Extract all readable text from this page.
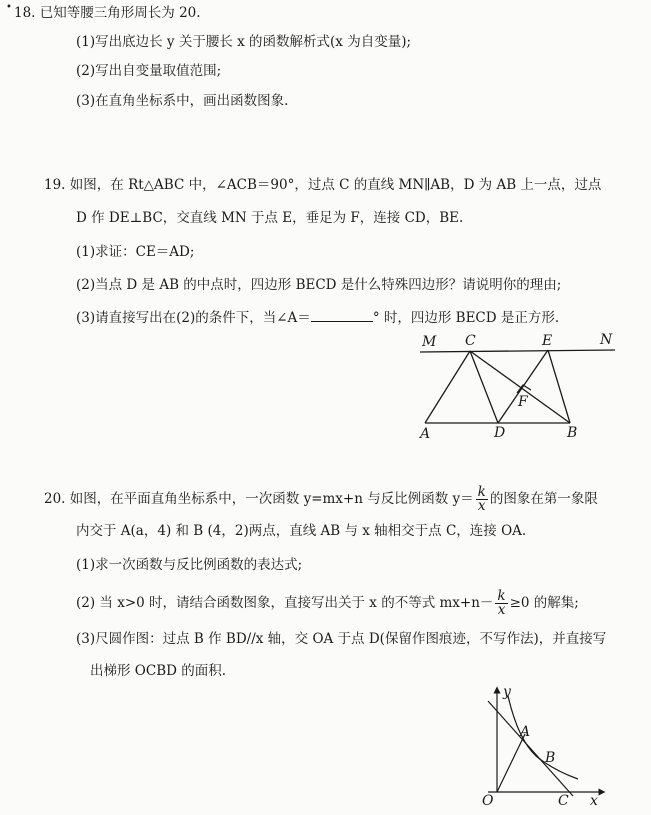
• 18. 已知等腰三角形周长为 20.
(1)写出底边长 y 关于腰长 x 的函数解析式(x 为自变量);
(2)写出自变量取值范围;
(3)在直角坐标系中，画出函数图象.
19. 如图，在 Rt△ABC 中，∠ACB＝90°，过点 C 的直线 MN∥AB，D 为 AB 上一点，过点
D 作 DE⊥BC，交直线 MN 于点 E，垂足为 F，连接 CD，BE.
(1)求证：CE＝AD;
(2)当点 D 是 AB 的中点时，四边形 BECD 是什么特殊四边形？请说明你的理由;
(3)请直接写出在(2)的条件下，当∠A＝	° 时，四边形 BECD 是正方形.
M C	E	N
F
A	D	B
20. 如图，在平面直角坐标系中，一次函数 y=mx+n 与反比例函数 $y= \frac{k}{x}$ 的图象在第一象限
内交于 A(a，4) 和 B (4，2)两点，直线 AB 与 x 轴相交于点 C，连接 OA.
(1)求一次函数与反比例函数的表达式;
(2) 当 x>0 时，请结合函数图象，直接写出关于 x 的不等式 $mx+n- \frac{k}{x} \ge 0$ 的解集;
(3)尺圆作图：过点 B 作 BD//x 轴，交 OA 于点 D(保留作图痕迹，不写作法)，并直接写
出梯形 OCBD 的面积.
y
A
B
O	C x
